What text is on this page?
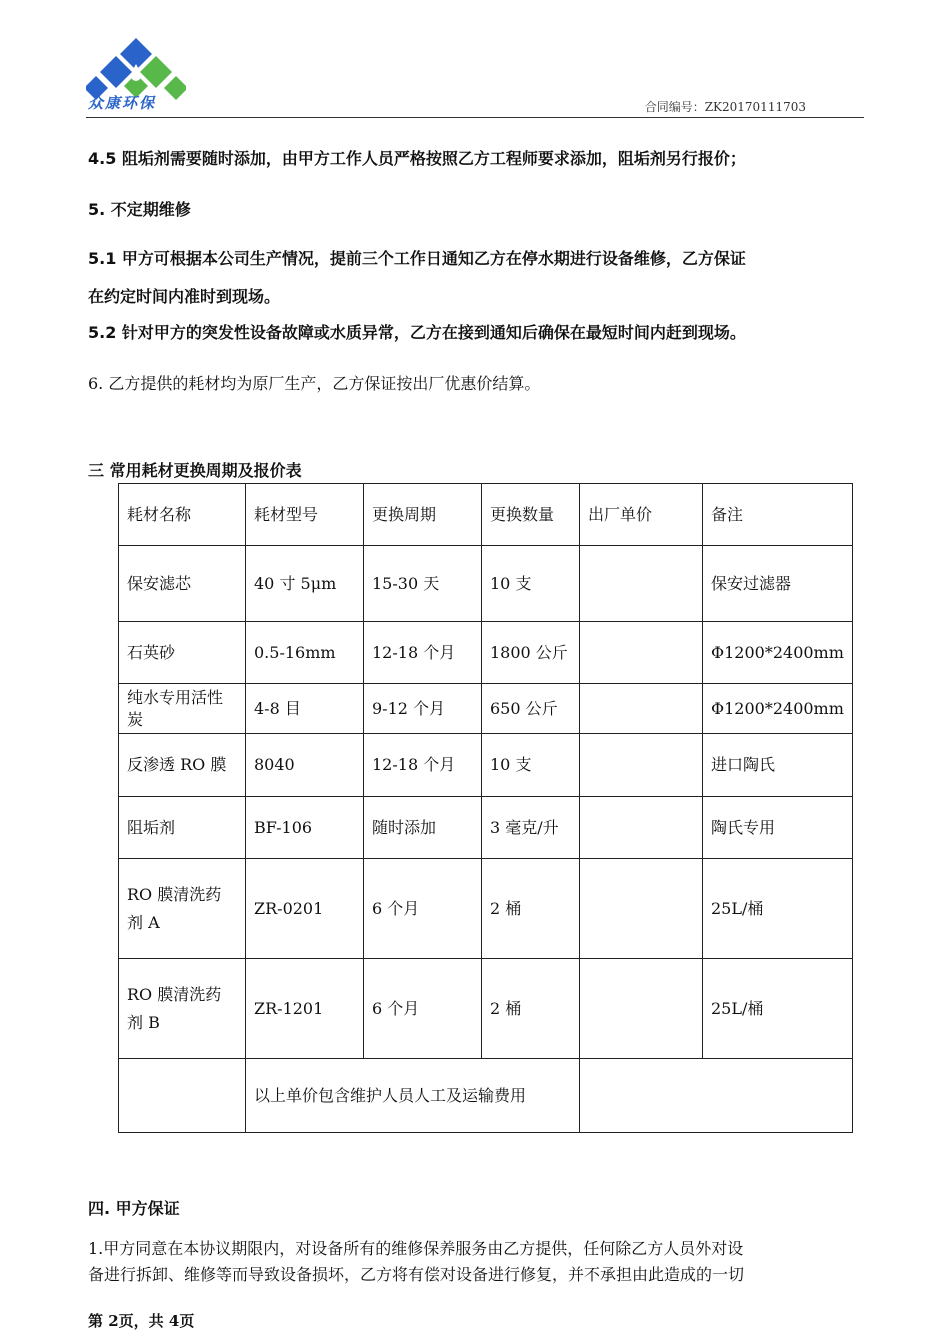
众康环保	合同编号：ZK20170111703
4.5 阻垢剂需要随时添加，由甲方工作人员严格按照乙方工程师要求添加，阻垢剂另行报价；
5. 不定期维修
5.1 甲方可根据本公司生产情况，提前三个工作日通知乙方在停水期进行设备维修，乙方保证
在约定时间内准时到现场。
5.2 针对甲方的突发性设备故障或水质异常，乙方在接到通知后确保在最短时间内赶到现场。
6. 乙方提供的耗材均为原厂生产，乙方保证按出厂优惠价结算。
三 常用耗材更换周期及报价表
耗材名称	耗材型号	更换周期	更换数量	出厂单价	备注
保安滤芯	40 寸 5μm	15-30 天	10 支		保安过滤器
石英砂	0.5-16mm	12-18 个月	1800 公斤		Φ1200*2400mm
纯水专用活性炭	4-8 目	9-12 个月	650 公斤		Φ1200*2400mm
反渗透 RO 膜	8040	12-18 个月	10 支		进口陶氏
阻垢剂	BF-106	随时添加	3 毫克/升		陶氏专用
RO 膜清洗药剂 A	ZR-0201	6 个月	2 桶		25L/桶
RO 膜清洗药剂 B	ZR-1201	6 个月	2 桶		25L/桶
	以上单价包含维护人员人工及运输费用				
四. 甲方保证
1.甲方同意在本协议期限内，对设备所有的维修保养服务由乙方提供，任何除乙方人员外对设
备进行拆卸、维修等而导致设备损坏，乙方将有偿对设备进行修复，并不承担由此造成的一切
第 2页，共 4页
